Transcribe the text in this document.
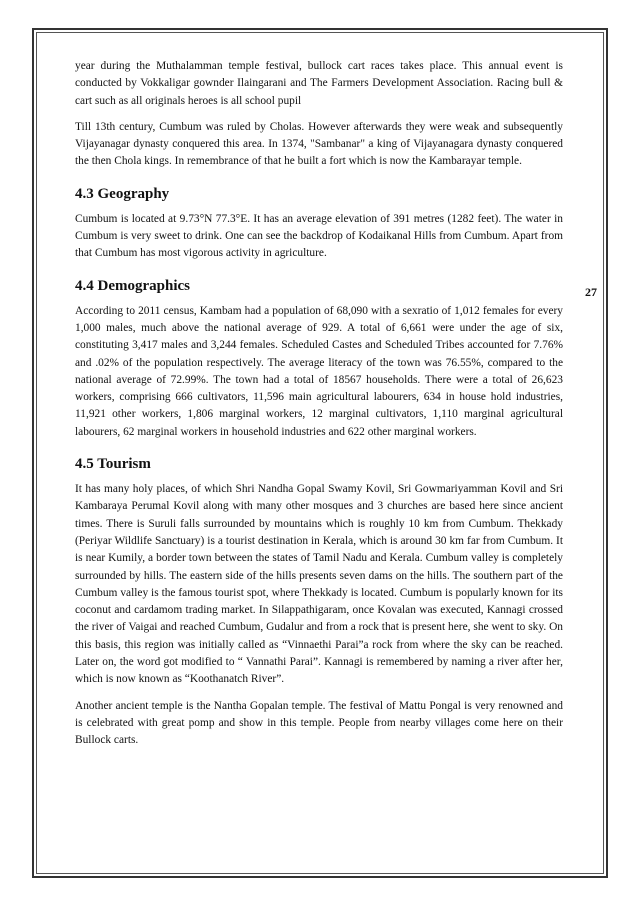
27

year during the Muthalamman temple festival, bullock cart races takes place. This annual event is conducted by Vokkaligar gownder Ilaingarani and The Farmers Development Association. Racing bull & cart such as all originals heroes is all school pupil

Till 13th century, Cumbum was ruled by Cholas. However afterwards they were weak and subsequently Vijayanagar dynasty conquered this area. In 1374, "Sambanar" a king of Vijayanagara dynasty conquered the then Chola kings. In remembrance of that he built a fort which is now the Kambarayar temple.

4.3 Geography

Cumbum is located at 9.73°N 77.3°E. It has an average elevation of 391 metres (1282 feet). The water in Cumbum is very sweet to drink. One can see the backdrop of Kodaikanal Hills from Cumbum. Apart from that Cumbum has most vigorous activity in agriculture.

4.4 Demographics

According to 2011 census, Kambam had a population of 68,090 with a sexratio of 1,012 females for every 1,000 males, much above the national average of 929. A total of 6,661 were under the age of six, constituting 3,417 males and 3,244 females. Scheduled Castes and Scheduled Tribes accounted for 7.76% and .02% of the population respectively. The average literacy of the town was 76.55%, compared to the national average of 72.99%. The town had a total of 18567 households. There were a total of 26,623 workers, comprising 666 cultivators, 11,596 main agricultural labourers, 634 in house hold industries, 11,921 other workers, 1,806 marginal workers, 12 marginal cultivators, 1,110 marginal agricultural labourers, 62 marginal workers in household industries and 622 other marginal workers.

4.5 Tourism

It has many holy places, of which Shri Nandha Gopal Swamy Kovil, Sri Gowmariyamman Kovil and Sri Kambaraya Perumal Kovil along with many other mosques and 3 churches are based here since ancient times. There is Suruli falls surrounded by mountains which is roughly 10 km from Cumbum. Thekkady (Periyar Wildlife Sanctuary) is a tourist destination in Kerala, which is around 30 km far from Cumbum. It is near Kumily, a border town between the states of Tamil Nadu and Kerala. Cumbum valley is completely surrounded by hills. The eastern side of the hills presents seven dams on the hills. The southern part of the Cumbum valley is the famous tourist spot, where Thekkady is located. Cumbum is popularly known for its coconut and cardamom trading market. In Silappathigaram, once Kovalan was executed, Kannagi crossed the river of Vaigai and reached Cumbum, Gudalur and from a rock that is present here, she went to sky. On this basis, this region was initially called as “Vinnaethi Parai”a rock from where the sky can be reached. Later on, the word got modified to “ Vannathi Parai”. Kannagi is remembered by naming a river after her, which is now known as “Koothanatch River”.

Another ancient temple is the Nantha Gopalan temple. The festival of Mattu Pongal is very renowned and is celebrated with great pomp and show in this temple. People from nearby villages come here on their Bullock carts.
